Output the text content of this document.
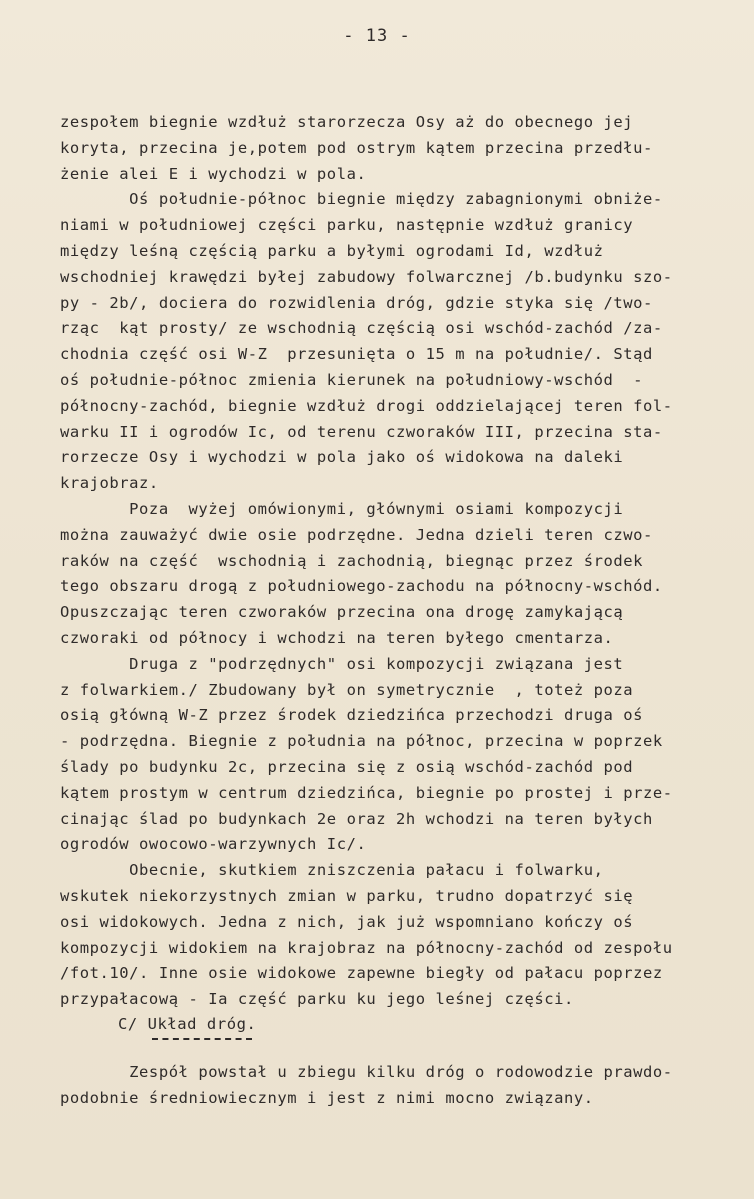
- 13 -
zespołem biegnie wzdłuż starorzecza Osy aż do obecnego jej
koryta, przecina je,potem pod ostrym kątem przecina przedłu-
żenie alei E i wychodzi w pola.
Oś południe-północ biegnie między zabagnionymi obniże-
niami w południowej części parku, następnie wzdłuż granicy
między leśną częścią parku a byłymi ogrodami Id, wzdłuż
wschodniej krawędzi byłej zabudowy folwarcznej /b.budynku szo-
py - 2b/, dociera do rozwidlenia dróg, gdzie styka się /two-
rząc  kąt prosty/ ze wschodnią częścią osi wschód-zachód /za-
chodnia część osi W-Z  przesunięta o 15 m na południe/. Stąd
oś południe-północ zmienia kierunek na południowy-wschód  -
północny-zachód, biegnie wzdłuż drogi oddzielającej teren fol-
warku II i ogrodów Ic, od terenu czworaków III, przecina sta-
rorzecze Osy i wychodzi w pola jako oś widokowa na daleki
krajobraz.
Poza  wyżej omówionymi, głównymi osiami kompozycji
można zauważyć dwie osie podrzędne. Jedna dzieli teren czwo-
raków na część  wschodnią i zachodnią, biegnąc przez środek
tego obszaru drogą z południowego-zachodu na północny-wschód.
Opuszczając teren czworaków przecina ona drogę zamykającą
czworaki od północy i wchodzi na teren byłego cmentarza.
Druga z "podrzędnych" osi kompozycji związana jest
z folwarkiem./ Zbudowany był on symetrycznie  , toteż poza
osią główną W-Z przez środek dziedzińca przechodzi druga oś
- podrzędna. Biegnie z południa na północ, przecina w poprzek
ślady po budynku 2c, przecina się z osią wschód-zachód pod
kątem prostym w centrum dziedzińca, biegnie po prostej i prze-
cinając ślad po budynkach 2e oraz 2h wchodzi na teren byłych
ogrodów owocowo-warzywnych Ic/.
Obecnie, skutkiem zniszczenia pałacu i folwarku,
wskutek niekorzystnych zmian w parku, trudno dopatrzyć się
osi widokowych. Jedna z nich, jak już wspomniano kończy oś
kompozycji widokiem na krajobraz na północny-zachód od zespołu
/fot.10/. Inne osie widokowe zapewne biegły od pałacu poprzez
przypałacową - Ia część parku ku jego leśnej części.
C/ Układ dróg.
Zespół powstał u zbiegu kilku dróg o rodowodzie prawdo-
podobnie średniowiecznym i jest z nimi mocno związany.
